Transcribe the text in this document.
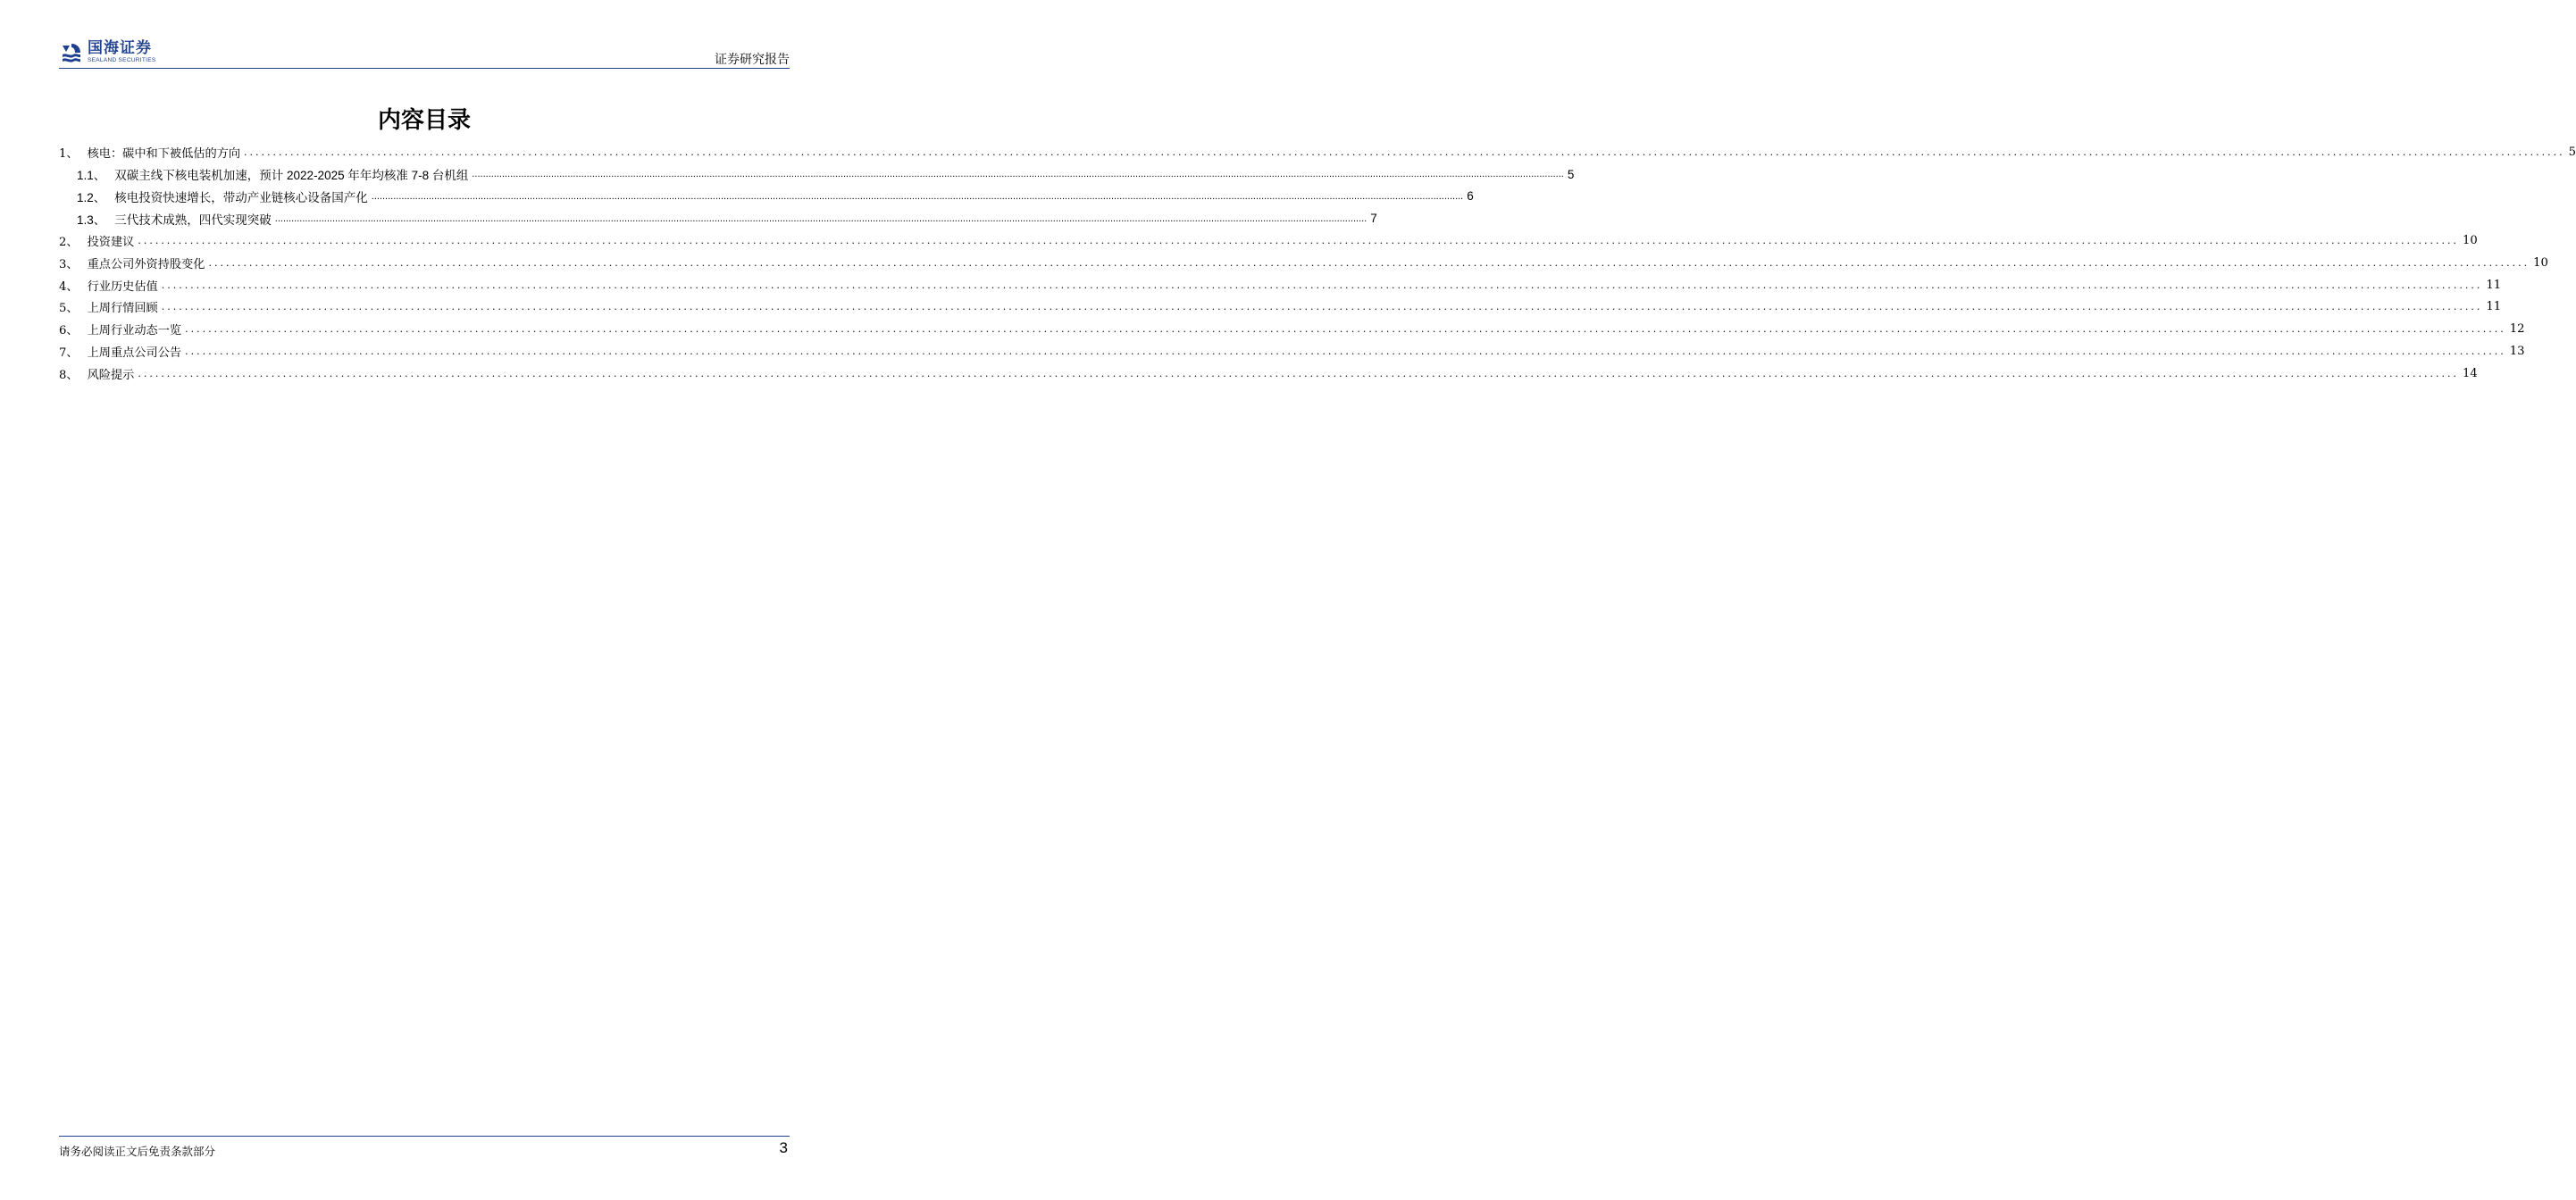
国海证券
SEALAND SECURITIES	证券研究报告
内容目录
1、 核电：碳中和下被低估的方向 ................................................................................................................................................................................................................................................................................................................................................................................................................ 5
1.1、 双碳主线下核电装机加速，预计 2022-2025 年年均核准 7-8 台机组 ................................................................................................................................................................................................................................................................................................................................................................................................................ 5
1.2、 核电投资快速增长，带动产业链核心设备国产化 ................................................................................................................................................................................................................................................................................................................................................................................................................ 6
1.3、 三代技术成熟，四代实现突破 ................................................................................................................................................................................................................................................................................................................................................................................................................ 7
2、 投资建议 ................................................................................................................................................................................................................................................................................................................................................................................................................ 10
3、 重点公司外资持股变化 ................................................................................................................................................................................................................................................................................................................................................................................................................ 10
4、 行业历史估值 ................................................................................................................................................................................................................................................................................................................................................................................................................ 11
5、 上周行情回顾 ................................................................................................................................................................................................................................................................................................................................................................................................................ 11
6、 上周行业动态一览 ................................................................................................................................................................................................................................................................................................................................................................................................................ 12
7、 上周重点公司公告 ................................................................................................................................................................................................................................................................................................................................................................................................................ 13
8、 风险提示 ................................................................................................................................................................................................................................................................................................................................................................................................................ 14
请务必阅读正文后免责条款部分	3
